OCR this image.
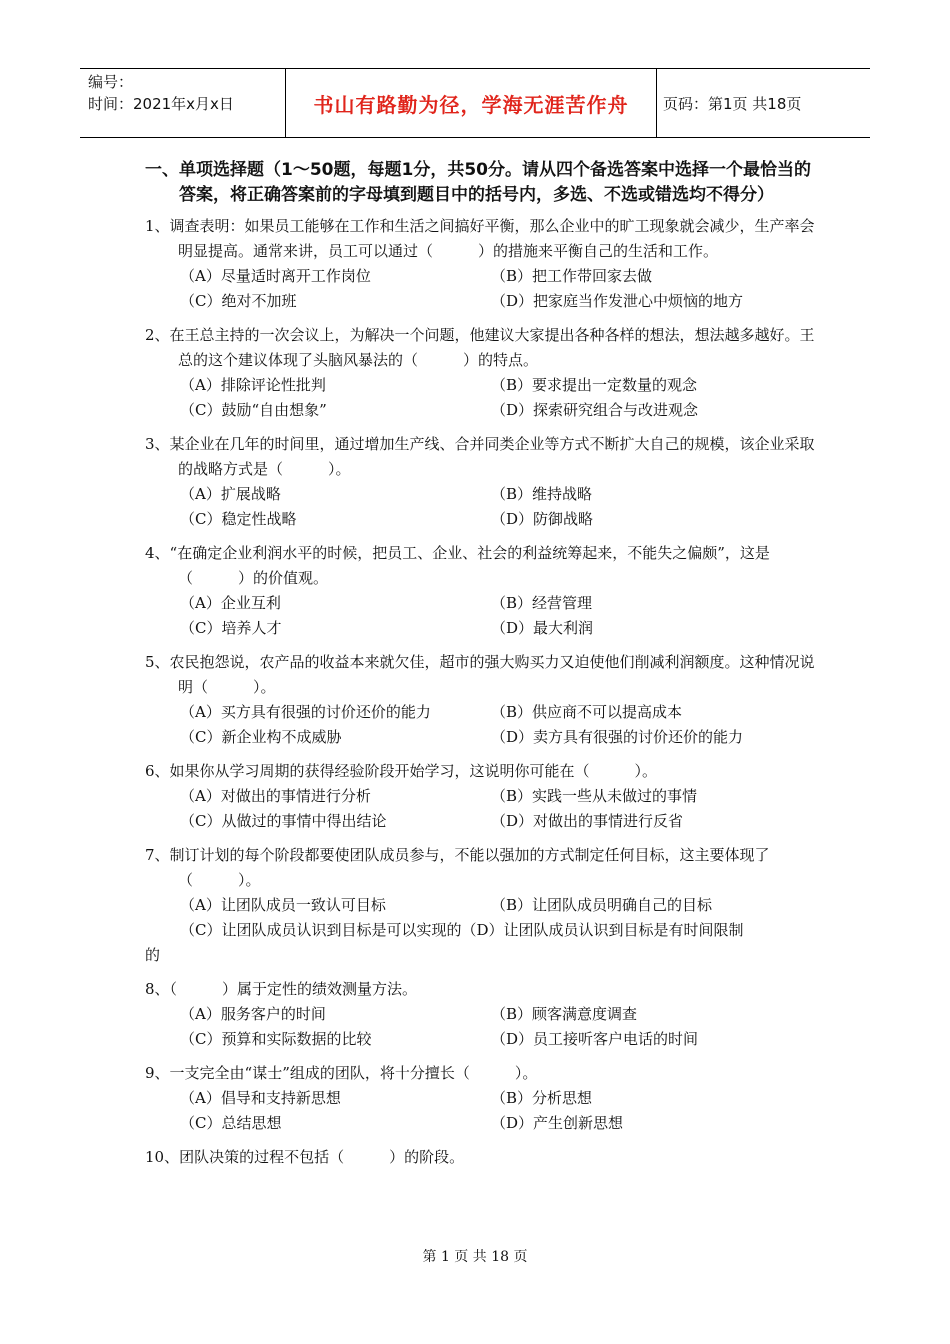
编号：
时间：2021年x月x日	书山有路勤为径，学海无涯苦作舟	页码：第1页 共18页
一、单项选择题（1～50题，每题1分，共50分。请从四个备选答案中选择一个最恰当的答案，将正确答案前的字母填到题目中的括号内，多选、不选或错选均不得分）
1、调查表明：如果员工能够在工作和生活之间搞好平衡，那么企业中的旷工现象就会减少，生产率会明显提高。通常来讲，员工可以通过（　　　）的措施来平衡自己的生活和工作。
（A）尽量适时离开工作岗位	（B）把工作带回家去做
（C）绝对不加班	（D）把家庭当作发泄心中烦恼的地方
2、在王总主持的一次会议上，为解决一个问题，他建议大家提出各种各样的想法，想法越多越好。王总的这个建议体现了头脑风暴法的（　　　）的特点。
（A）排除评论性批判	（B）要求提出一定数量的观念
（C）鼓励“自由想象”	（D）探索研究组合与改进观念
3、某企业在几年的时间里，通过增加生产线、合并同类企业等方式不断扩大自己的规模，该企业采取的战略方式是（　　　）。
（A）扩展战略	（B）维持战略
（C）稳定性战略	（D）防御战略
4、“在确定企业利润水平的时候，把员工、企业、社会的利益统筹起来，不能失之偏颇”，这是（　　　）的价值观。
（A）企业互利	（B）经营管理
（C）培养人才	（D）最大利润
5、农民抱怨说，农产品的收益本来就欠佳，超市的强大购买力又迫使他们削减利润额度。这种情况说明（　　　）。
（A）买方具有很强的讨价还价的能力	（B）供应商不可以提高成本
（C）新企业构不成威胁	（D）卖方具有很强的讨价还价的能力
6、如果你从学习周期的获得经验阶段开始学习，这说明你可能在（　　　）。
（A）对做出的事情进行分析	（B）实践一些从未做过的事情
（C）从做过的事情中得出结论	（D）对做出的事情进行反省
7、制订计划的每个阶段都要使团队成员参与，不能以强加的方式制定任何目标，这主要体现了（　　　）。
（A）让团队成员一致认可目标	（B）让团队成员明确自己的目标
（C）让团队成员认识到目标是可以实现的（D）让团队成员认识到目标是有时间限制
的
8、（　　　）属于定性的绩效测量方法。
（A）服务客户的时间	（B）顾客满意度调查
（C）预算和实际数据的比较	（D）员工接听客户电话的时间
9、一支完全由“谋士”组成的团队，将十分擅长（　　　）。
（A）倡导和支持新思想	（B）分析思想
（C）总结思想	（D）产生创新思想
10、团队决策的过程不包括（　　　）的阶段。
第 1 页 共 18 页
